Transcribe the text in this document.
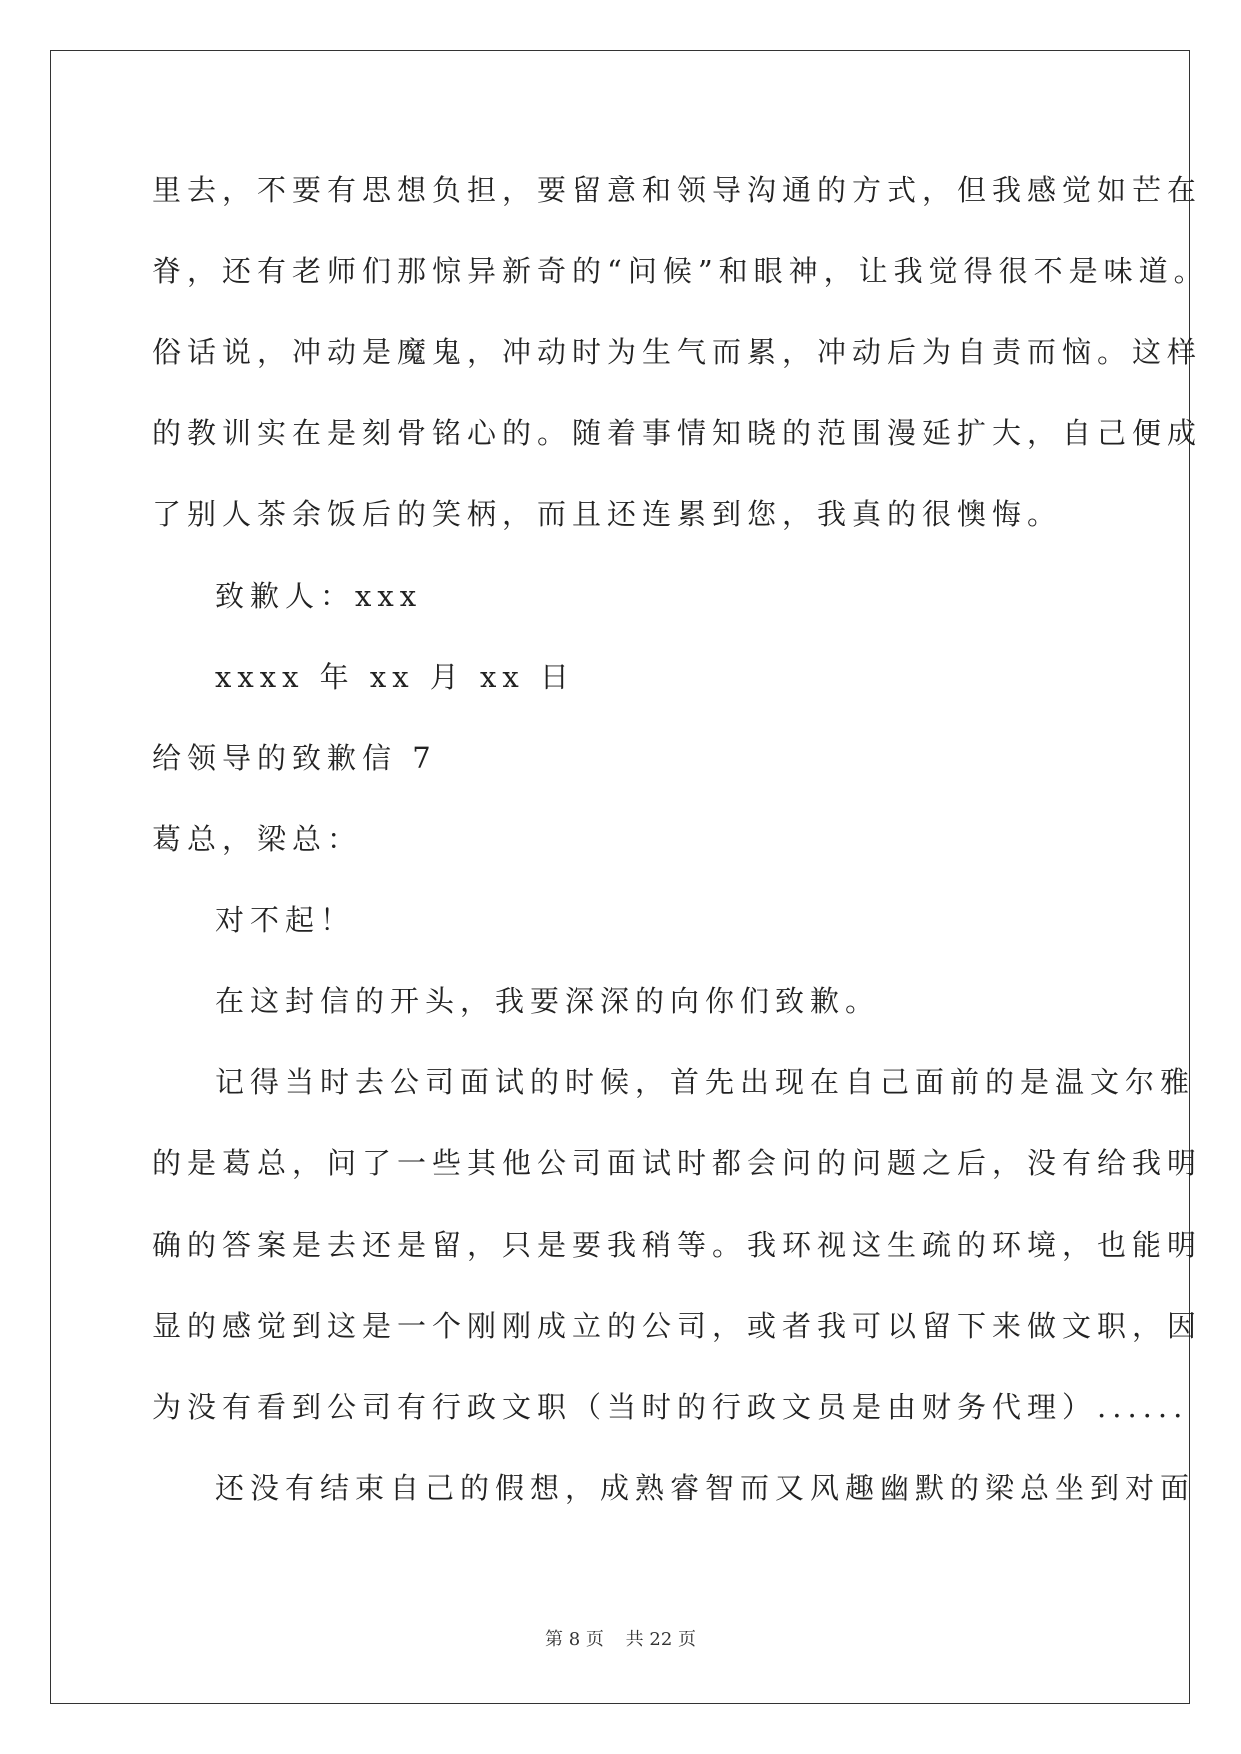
里去，不要有思想负担，要留意和领导沟通的方式，但我感觉如芒在
脊，还有老师们那惊异新奇的“问候”和眼神，让我觉得很不是味道。
俗话说，冲动是魔鬼，冲动时为生气而累，冲动后为自责而恼。这样
的教训实在是刻骨铭心的。随着事情知晓的范围漫延扩大，自己便成
了别人茶余饭后的笑柄，而且还连累到您，我真的很懊悔。
致歉人：xxx
xxxx 年 xx 月 xx 日
给领导的致歉信 7
葛总，梁总：
对不起！
在这封信的开头，我要深深的向你们致歉。
记得当时去公司面试的时候，首先出现在自己面前的是温文尔雅
的是葛总，问了一些其他公司面试时都会问的问题之后，没有给我明
确的答案是去还是留，只是要我稍等。我环视这生疏的环境，也能明
显的感觉到这是一个刚刚成立的公司，或者我可以留下来做文职，因
为没有看到公司有行政文职（当时的行政文员是由财务代理）......
还没有结束自己的假想，成熟睿智而又风趣幽默的梁总坐到对面
第 8 页 共 22 页
